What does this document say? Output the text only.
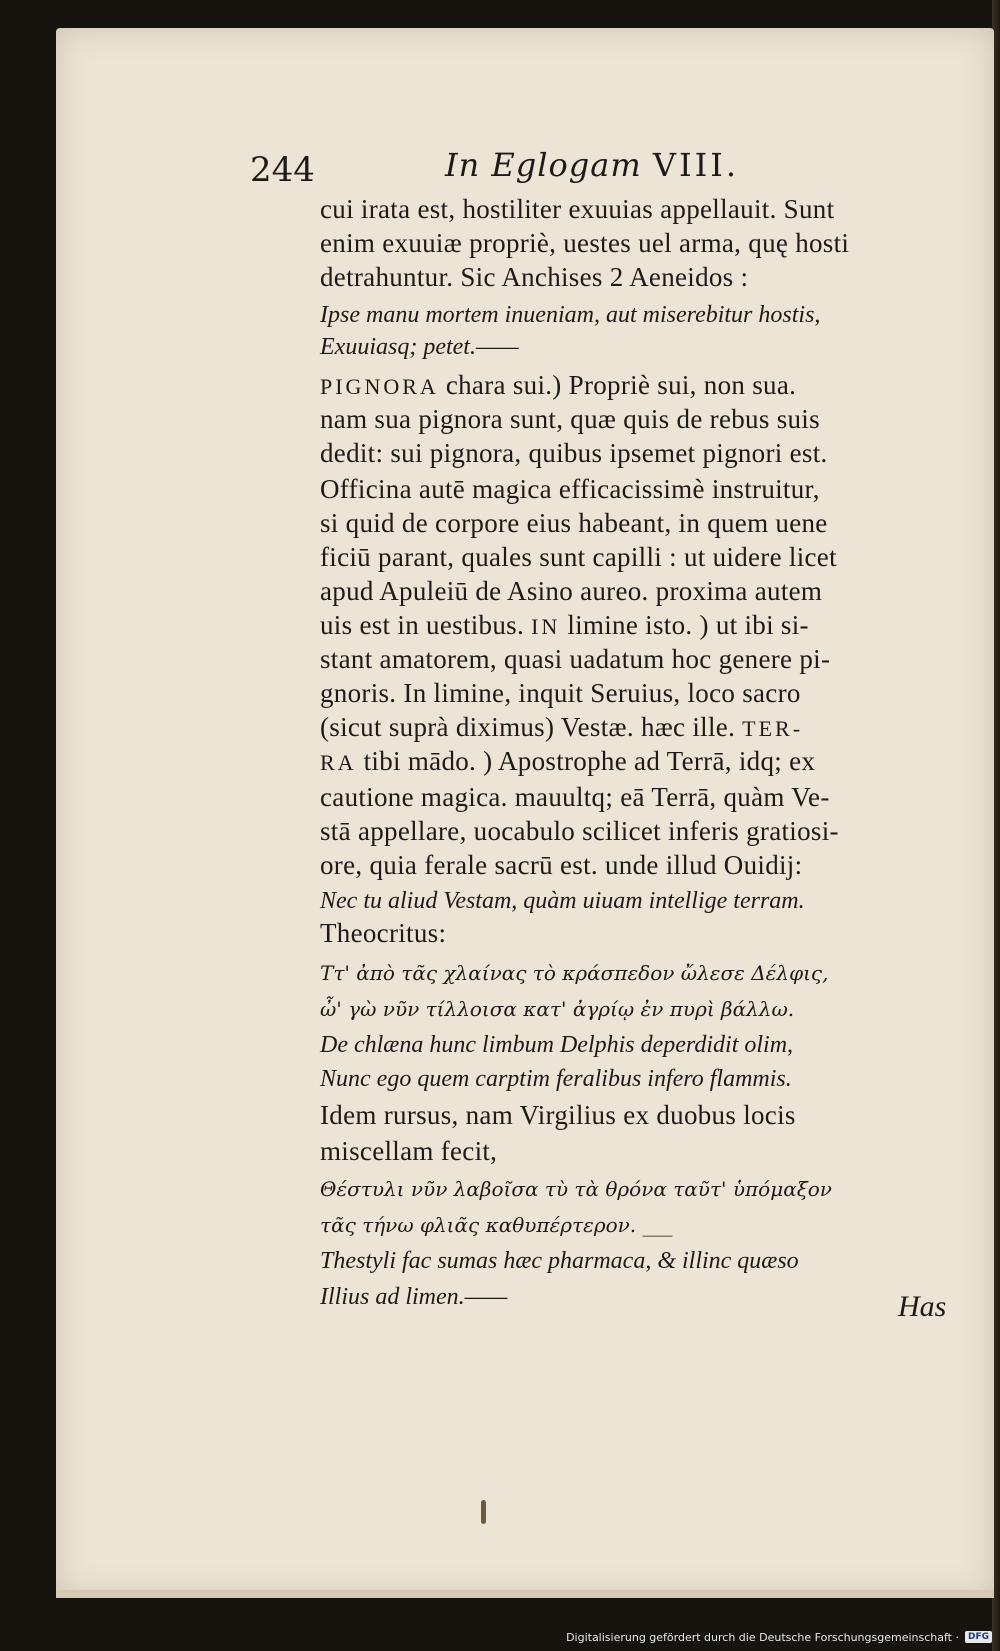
244	In Eglogam VIII.
cui irata est, hostiliter exuuias appellauit. Sunt
enim exuuiæ propriè, uestes uel arma, quę hosti
detrahuntur. Sic Anchises 2 Aeneidos :
Ipse manu mortem inueniam, aut miserebitur hostis,
Exuuiasq; petet.——
PIGNORA chara sui.) Propriè sui, non sua.
nam sua pignora sunt, quæ quis de rebus suis
dedit: sui pignora, quibus ipsemet pignori est.
Officina autē magica efficacissimè instruitur,
si quid de corpore eius habeant, in quem uene
ficiū parant, quales sunt capilli : ut uidere licet
apud Apuleiū de Asino aureo. proxima autem
uis est in uestibus. IN limine isto. ) ut ibi si-
stant amatorem, quasi uadatum hoc genere pi-
gnoris. In limine, inquit Seruius, loco sacro
(sicut suprà diximus) Vestæ. hæc ille. TER-
RA tibi mādo. ) Apostrophe ad Terrā, idq; ex
cautione magica. mauultq; eā Terrā, quàm Ve-
stā appellare, uocabulo scilicet inferis gratiosi-
ore, quia ferale sacrū est. unde illud Ouidij:
Nec tu aliud Vestam, quàm uiuam intellige terram.
Theocritus:
Ττ' ἀπὸ τᾶς χλαίνας τὸ κράσπεδον ὤλεσε Δέλφις,
ὦ' γὼ νῦν τίλλοισα κατ' ἀγρίῳ ἐν πυρὶ βάλλω.
De chlæna hunc limbum Delphis deperdidit olim,
Nunc ego quem carptim feralibus infero flammis.
Idem rursus, nam Virgilius ex duobus locis
miscellam fecit,
Θέστυλι νῦν λαβοῖσα τὺ τὰ θρόνα ταῦτ' ὑπόμαξον
τᾶς τήνω φλιᾶς καθυπέρτερον. ___
Thestyli fac sumas hæc pharmaca, & illinc quæso
Illius ad limen.——	Has
Digitalisierung gefördert durch die Deutsche Forschungsgemeinschaft ·	DFG
